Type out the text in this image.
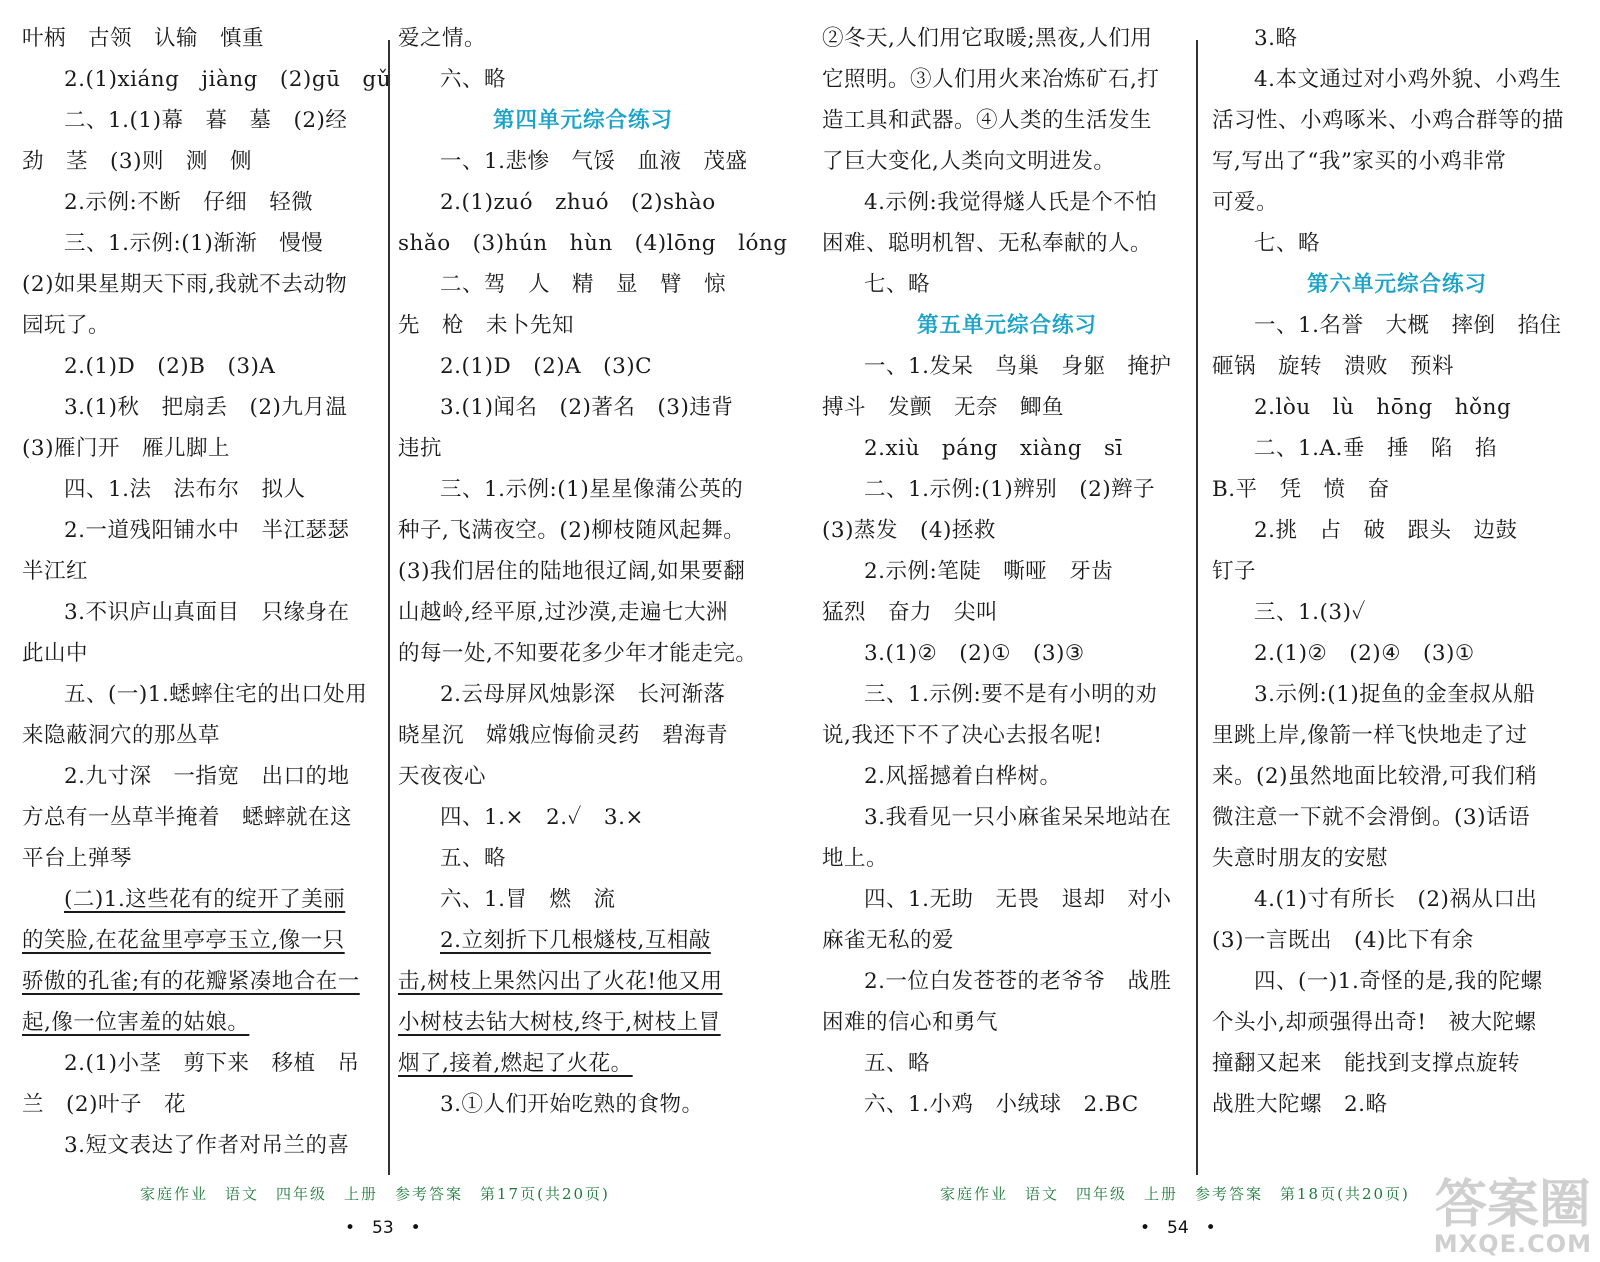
叶柄　古领　认输　慎重
2.(1)xiáng　jiàng　(2)gū　gǔ
二、1.(1)幕　暮　墓　(2)经
劲　茎　(3)则　测　侧
2.示例:不断　仔细　轻微
三、1.示例:(1)渐渐　慢慢
(2)如果星期天下雨,我就不去动物
园玩了。
2.(1)D　(2)B　(3)A
3.(1)秋　把扇丢　(2)九月温
(3)雁门开　雁儿脚上
四、1.法　法布尔　拟人
2.一道残阳铺水中　半江瑟瑟
半江红
3.不识庐山真面目　只缘身在
此山中
五、(一)1.蟋蟀住宅的出口处用
来隐蔽洞穴的那丛草
2.九寸深　一指宽　出口的地
方总有一丛草半掩着　蟋蟀就在这
平台上弹琴
(二)1.这些花有的绽开了美丽
的笑脸,在花盆里亭亭玉立,像一只
骄傲的孔雀;有的花瓣紧凑地合在一
起,像一位害羞的姑娘。
2.(1)小茎　剪下来　移植　吊
兰　(2)叶子　花
3.短文表达了作者对吊兰的喜
爱之情。
六、略
第四单元综合练习
一、1.悲惨　气馁　血液　茂盛
2.(1)zuó　zhuó　(2)shào
shǎo　(3)hún　hùn　(4)lōng　lóng
二、驾　人　精　显　臂　惊
先　枪　未卜先知
2.(1)D　(2)A　(3)C
3.(1)闻名　(2)著名　(3)违背
违抗
三、1.示例:(1)星星像蒲公英的
种子,飞满夜空。(2)柳枝随风起舞。
(3)我们居住的陆地很辽阔,如果要翻
山越岭,经平原,过沙漠,走遍七大洲
的每一处,不知要花多少年才能走完。
2.云母屏风烛影深　长河渐落
晓星沉　嫦娥应悔偷灵药　碧海青
天夜夜心
四、1.×　2.✓　3.×
五、略
六、1.冒　燃　流
2.立刻折下几根燧枝,互相敲
击,树枝上果然闪出了火花!他又用
小树枝去钻大树枝,终于,树枝上冒
烟了,接着,燃起了火花。
3.①人们开始吃熟的食物。
②冬天,人们用它取暖;黑夜,人们用
它照明。③人们用火来冶炼矿石,打
造工具和武器。④人类的生活发生
了巨大变化,人类向文明进发。
4.示例:我觉得燧人氏是个不怕
困难、聪明机智、无私奉献的人。
七、略
第五单元综合练习
一、1.发呆　鸟巢　身躯　掩护
搏斗　发颤　无奈　鲫鱼
2.xiù　páng　xiàng　sī
二、1.示例:(1)辨别　(2)辫子
(3)蒸发　(4)拯救
2.示例:笔陡　嘶哑　牙齿
猛烈　奋力　尖叫
3.(1)②　(2)①　(3)③
三、1.示例:要不是有小明的劝
说,我还下不了决心去报名呢!
2.风摇撼着白桦树。
3.我看见一只小麻雀呆呆地站在
地上。
四、1.无助　无畏　退却　对小
麻雀无私的爱
2.一位白发苍苍的老爷爷　战胜
困难的信心和勇气
五、略
六、1.小鸡　小绒球　2.BC
3.略
4.本文通过对小鸡外貌、小鸡生
活习性、小鸡啄米、小鸡合群等的描
写,写出了“我”家买的小鸡非常
可爱。
七、略
第六单元综合练习
一、1.名誉　大概　摔倒　掐住
砸锅　旋转　溃败　预料
2.lòu　lù　hōng　hǒng
二、1.A.垂　捶　陷　掐
B.平　凭　愤　奋
2.挑　占　破　跟头　边鼓
钉子
三、1.(3)✓
2.(1)②　(2)④　(3)①
3.示例:(1)捉鱼的金奎叔从船
里跳上岸,像箭一样飞快地走了过
来。(2)虽然地面比较滑,可我们稍
微注意一下就不会滑倒。(3)话语
失意时朋友的安慰
4.(1)寸有所长　(2)祸从口出
(3)一言既出　(4)比下有余
四、(一)1.奇怪的是,我的陀螺
个头小,却顽强得出奇!　被大陀螺
撞翻又起来　能找到支撑点旋转
战胜大陀螺　2.略
家庭作业　语文　四年级　上册　参考答案　第17页(共20页)
•　53　•
家庭作业　语文　四年级　上册　参考答案　第18页(共20页)
•　54　•	答案圈
MXQE.COM
